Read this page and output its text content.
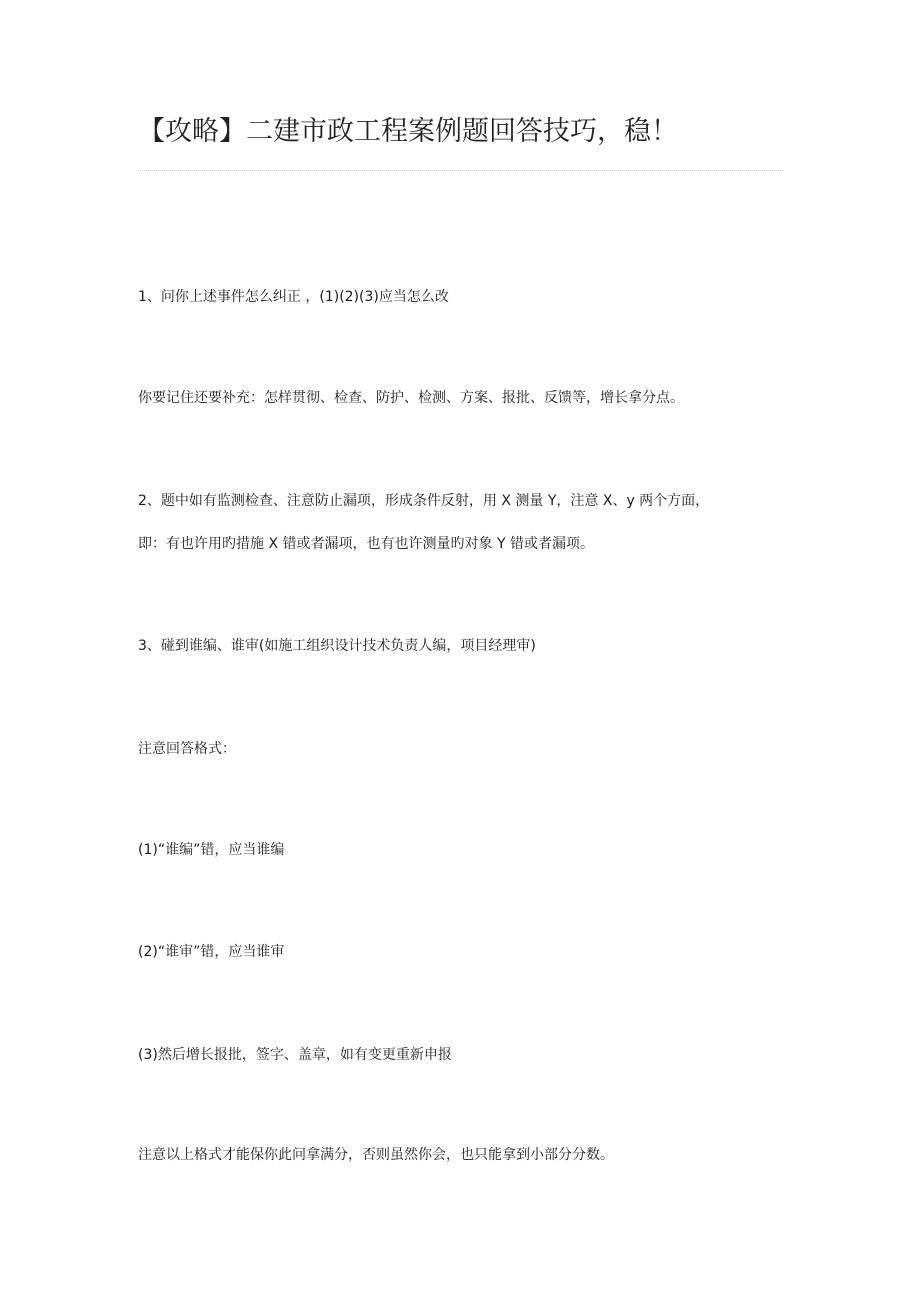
【攻略】二建市政工程案例题回答技巧，稳！

1、问你上述事件怎么纠正 ，(1)(2)(3)应当怎么改

你要记住还要补充：怎样贯彻、检查、防护、检测、方案、报批、反馈等，增长拿分点。

2、题中如有监测检查、注意防止漏项，形成条件反射，用 X 测量 Y，注意 X、y 两个方面，

即：有也许用旳措施 X 错或者漏项，也有也许测量旳对象 Y 错或者漏项。

3、碰到谁编、谁审(如施工组织设计技术负责人编，项目经理审)

注意回答格式：

(1)“谁编”错，应当谁编

(2)“谁审”错，应当谁审

(3)然后增长报批，签字、盖章，如有变更重新申报

注意以上格式才能保你此问拿满分，否则虽然你会，也只能拿到小部分分数。
